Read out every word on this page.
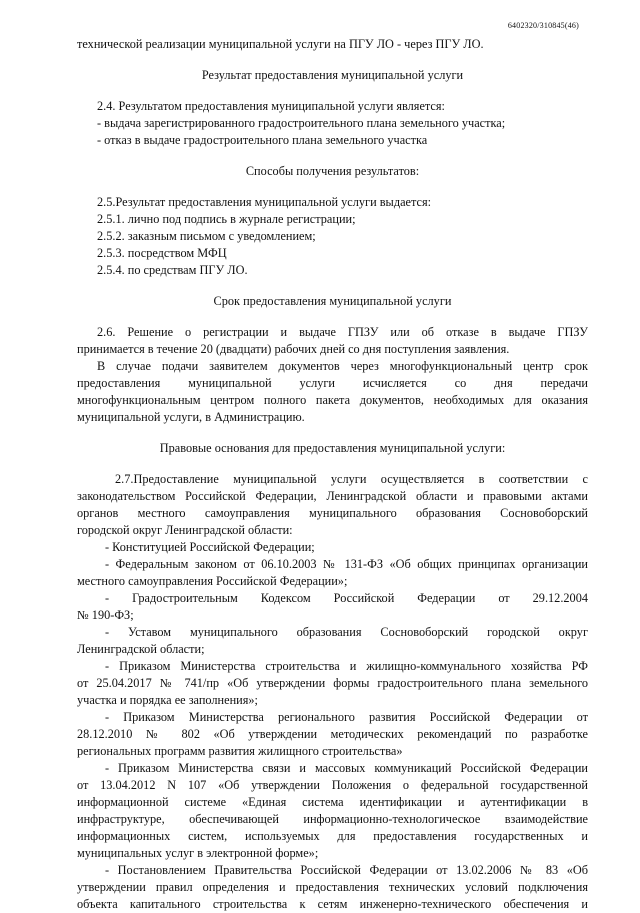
6402320/310845(46)

технической реализации муниципальной услуги на ПГУ ЛО - через ПГУ ЛО.

Результат предоставления муниципальной услуги

2.4. Результатом предоставления муниципальной услуги является:

- выдача зарегистрированного градостроительного плана земельного участка;

- отказ в выдаче градостроительного плана земельного участка

Способы получения результатов:

2.5.Результат предоставления муниципальной услуги выдается:

2.5.1. лично под подпись в журнале регистрации;

2.5.2. заказным письмом с уведомлением;

2.5.3. посредством МФЦ

2.5.4. по средствам ПГУ ЛО.

Срок предоставления муниципальной услуги

2.6. Решение о регистрации и выдаче ГПЗУ или об отказе в выдаче ГПЗУ

принимается в течение 20 (двадцати) рабочих дней со дня поступления заявления.

В случае подачи заявителем документов через многофункциональный центр срок

предоставления муниципальной услуги исчисляется со дня передачи

многофункциональным центром полного пакета документов, необходимых для оказания

муниципальной услуги, в Администрацию.

Правовые основания для предоставления муниципальной услуги:

2.7.Предоставление муниципальной услуги осуществляется в соответствии с

законодательством Российской Федерации, Ленинградской области и правовыми актами

органов местного самоуправления муниципального образования Сосновоборский

городской округ Ленинградской области:

- Конституцией Российской Федерации;

- Федеральным законом от 06.10.2003 № 131-ФЗ «Об общих принципах организации

местного самоуправления Российской Федерации»;

- Градостроительным Кодексом Российской Федерации от 29.12.2004

№ 190-ФЗ;

- Уставом муниципального образования Сосновоборский городской округ

Ленинградской области;

- Приказом Министерства строительства и жилищно-коммунального хозяйства РФ

от 25.04.2017 № 741/пр «Об утверждении формы градостроительного плана земельного

участка и порядка ее заполнения»;

- Приказом Министерства регионального развития Российской Федерации от

28.12.2010 № 802 «Об утверждении методических рекомендаций по разработке

региональных программ развития жилищного строительства»

- Приказом Министерства связи и массовых коммуникаций Российской Федерации

от 13.04.2012 N 107 «Об утверждении Положения о федеральной государственной

информационной системе «Единая система идентификации и аутентификации в

инфраструктуре, обеспечивающей информационно-технологическое взаимодействие

информационных систем, используемых для предоставления государственных и

муниципальных услуг в электронной форме»;

- Постановлением Правительства Российской Федерации от 13.02.2006 № 83 «Об

утверждении правил определения и предоставления технических условий подключения

объекта капитального строительства к сетям инженерно-технического обеспечения и
